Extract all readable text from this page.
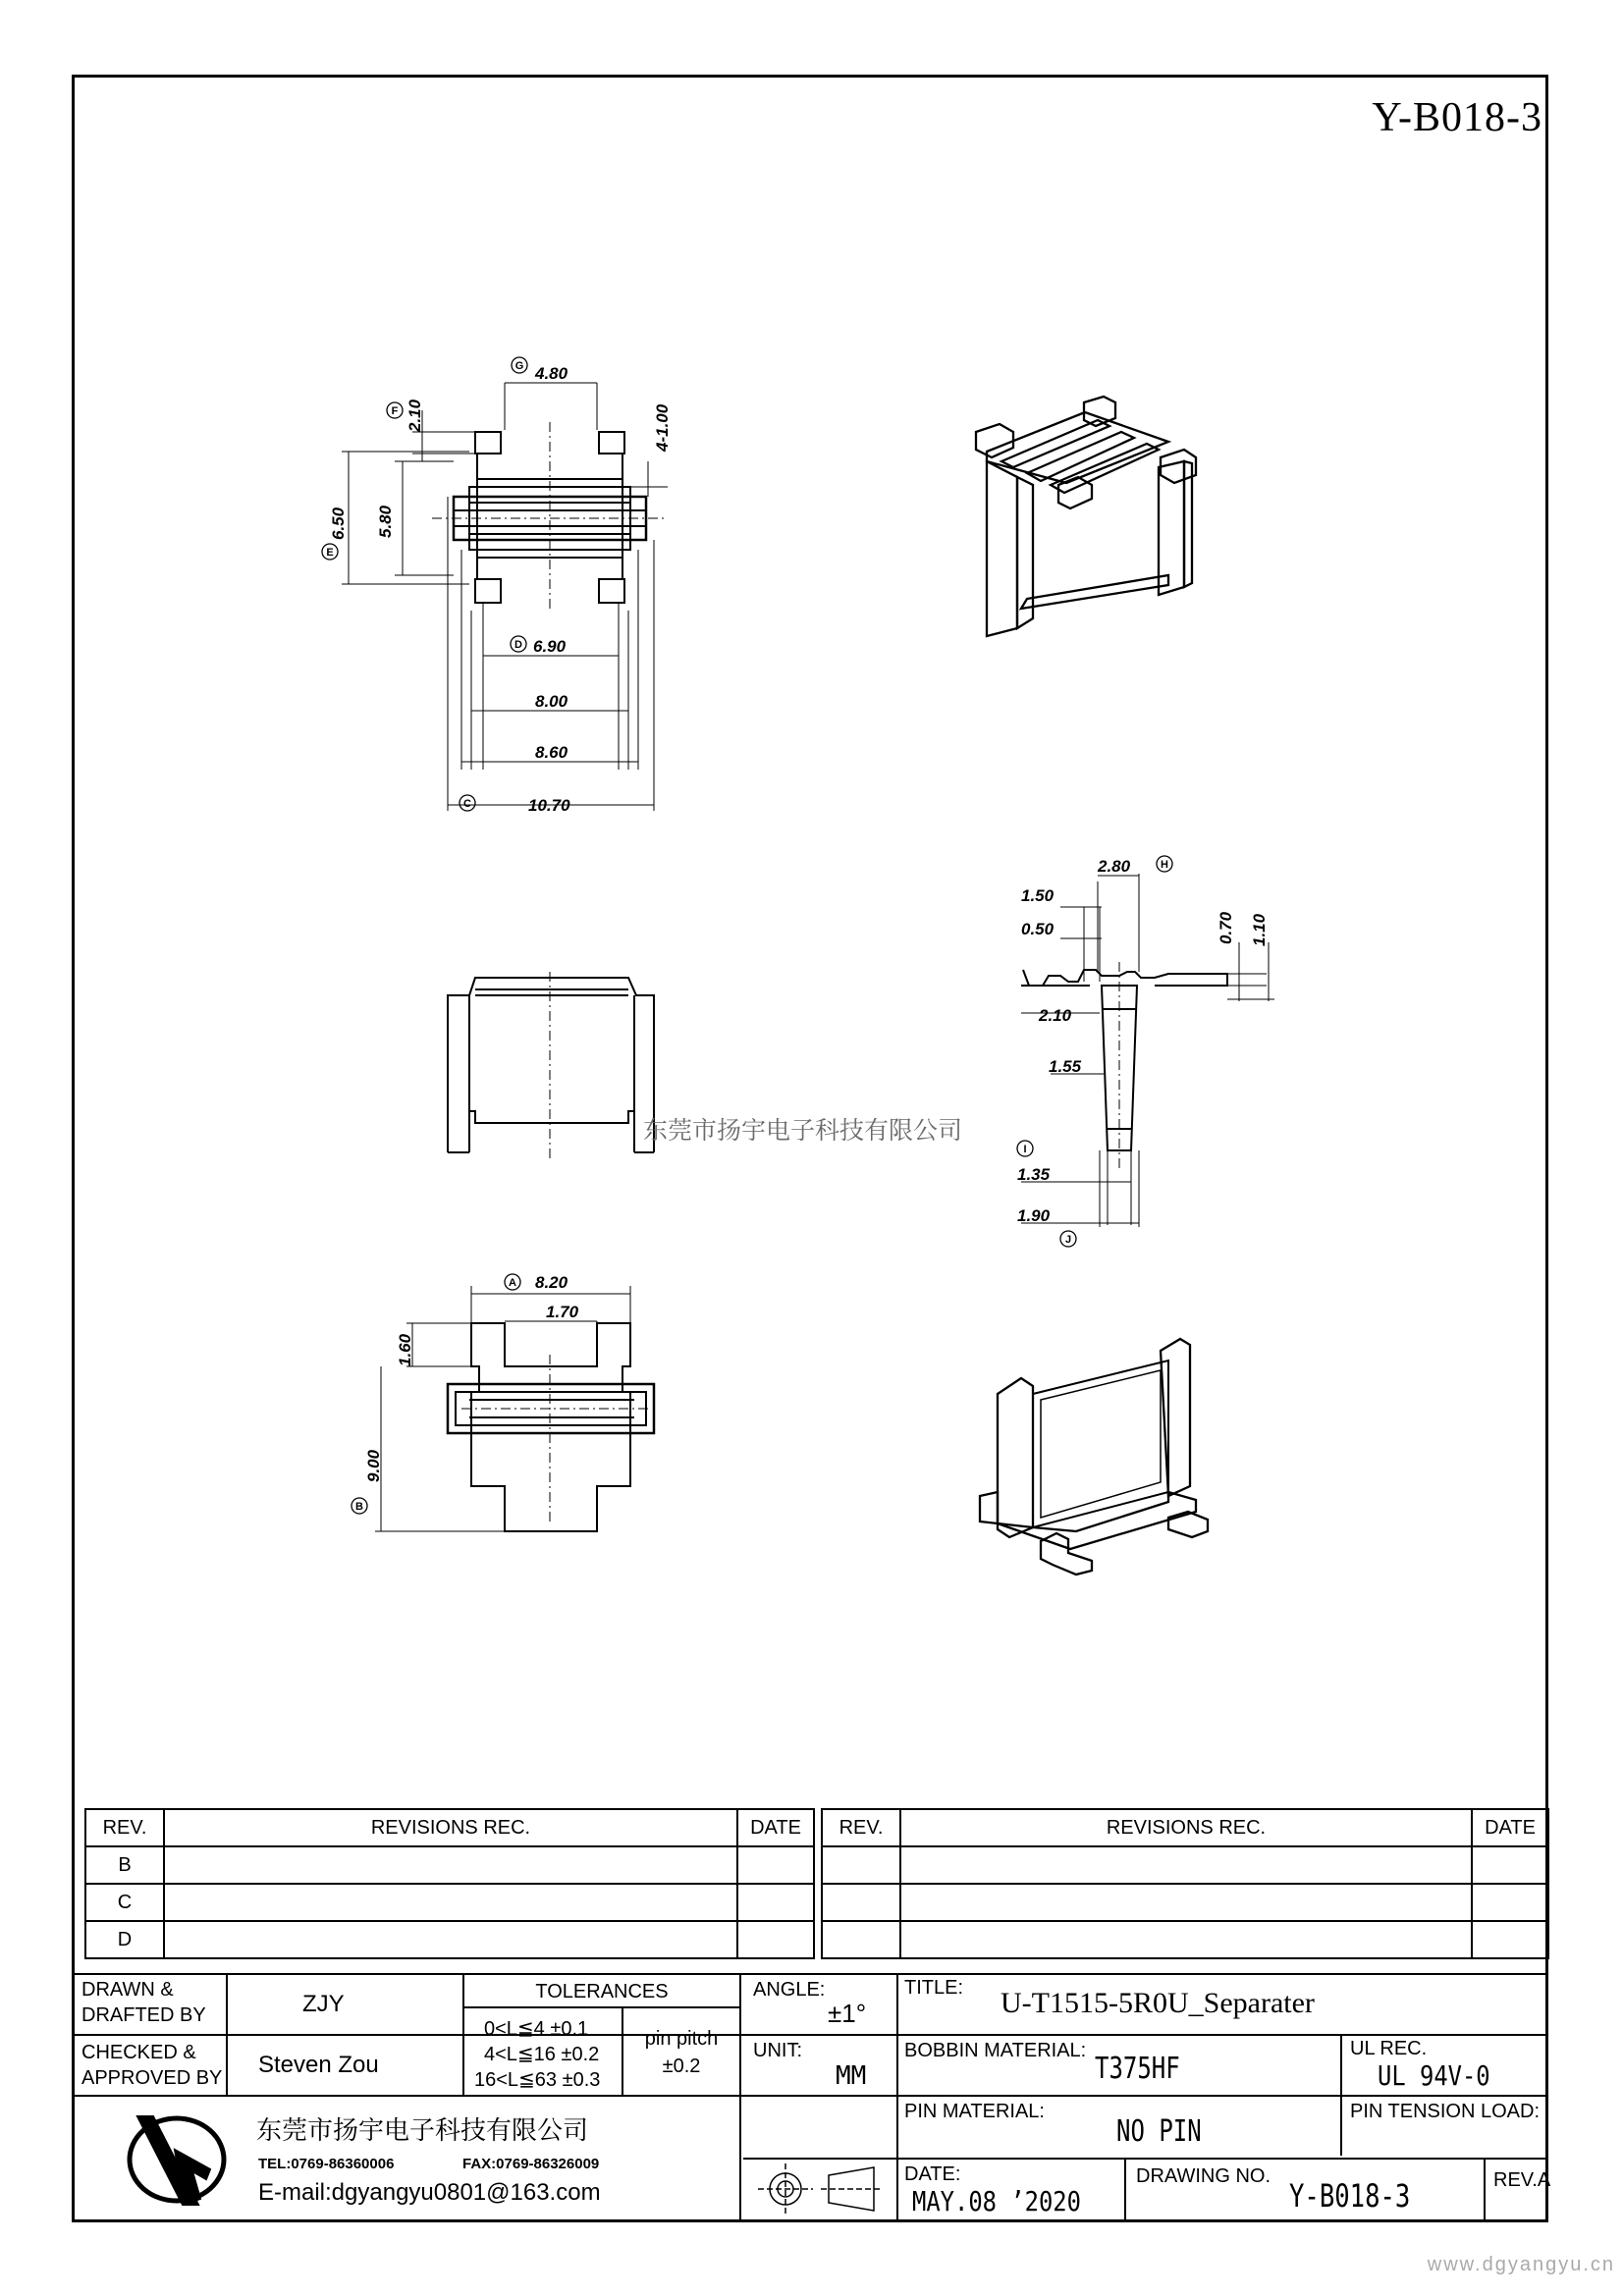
Y-B018-3
4.80
2.10	4-1.00
6.50 5.80
6.90
8.00
8.60
10.70
G
F
E
D
C
2.80
1.50
0.50	0.70 1.10
2.10
1.55
1.35
1.90
H
I
J
8.20
1.70
1.60
9.00
A
B
东莞市扬宇电子科技有限公司
REV.	REVISIONS REC.	DATE		REV.	REVISIONS REC.	DATE
B						
C						
D						
DRAWN &
DRAFTED BY	ZJY
CHECKED &
APPROVED BY Steven Zou
TOLERANCES
0<L≦4 ±0.1
4<L≦16 ±0.2
16<L≦63 ±0.3
pin pitch
±0.2
ANGLE:
±1°
UNIT:
MM
TITLE: U-T1515-5R0U_Separater
BOBBIN MATERIAL:
T375HF
UL REC.
UL 94V-0
PIN MATERIAL:
NO PIN
PIN TENSION LOAD:
DATE:
MAY.08 ’2020
DRAWING NO.
Y-B018-3	REV.A
东莞市扬宇电子科技有限公司
TEL:0769-86360006	FAX:0769-86326009
E-mail:dgyangyu0801@163.com
www.dgyangyu.cn
